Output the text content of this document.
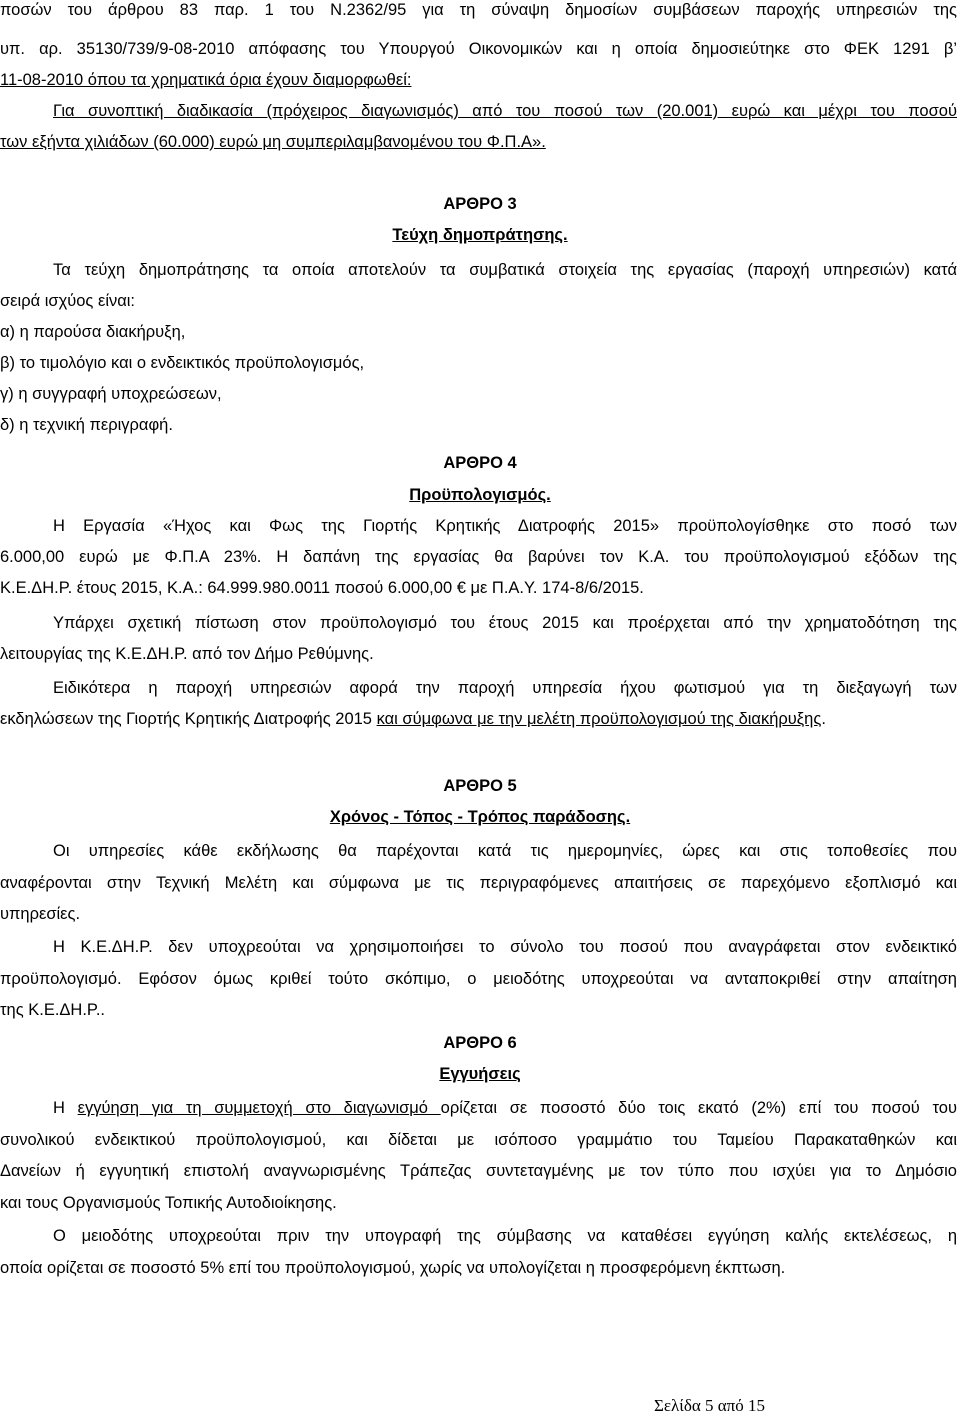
ποσών του άρθρου 83 παρ. 1 του Ν.2362/95 για τη σύναψη δημοσίων συμβάσεων παροχής υπηρεσιών της
υπ. αρ. 35130/739/9-08-2010 απόφασης του Υπουργού Οικονομικών και η οποία δημοσιεύτηκε στο ΦΕΚ 1291 β’
11-08-2010 όπου τα χρηματικά όρια έχουν διαμορφωθεί:
Για συνοπτική διαδικασία (πρόχειρος διαγωνισμός) από του ποσού των (20.001) ευρώ και μέχρι του ποσού
των εξήντα χιλιάδων (60.000) ευρώ μη συμπεριλαμβανομένου του Φ.Π.Α».
ΑΡΘΡΟ 3
Τεύχη δημοπράτησης.
Τα τεύχη δημοπράτησης τα οποία αποτελούν τα συμβατικά στοιχεία της εργασίας (παροχή υπηρεσιών) κατά
σειρά ισχύος είναι:
α) η παρούσα διακήρυξη,
β) το τιμολόγιο και ο ενδεικτικός προϋπολογισμός,
γ) η συγγραφή υποχρεώσεων,
δ) η τεχνική περιγραφή.
ΑΡΘΡΟ 4
Προϋπολογισμός.
Η Εργασία «Ήχος και Φως της Γιορτής Κρητικής Διατροφής 2015» προϋπολογίσθηκε στο ποσό των
6.000,00 ευρώ με Φ.Π.Α 23%. Η δαπάνη της εργασίας θα βαρύνει τον Κ.Α. του προϋπολογισμού εξόδων της
Κ.Ε.ΔΗ.Ρ. έτους 2015, Κ.Α.: 64.999.980.0011 ποσού 6.000,00 € με Π.Α.Υ. 174-8/6/2015.
Υπάρχει σχετική πίστωση στον προϋπολογισμό του έτους 2015 και προέρχεται από την χρηματοδότηση της
λειτουργίας της Κ.Ε.ΔΗ.Ρ. από τον Δήμο Ρεθύμνης.
Ειδικότερα η παροχή υπηρεσιών αφορά την παροχή υπηρεσία ήχου φωτισμού για τη διεξαγωγή των
εκδηλώσεων της Γιορτής Κρητικής Διατροφής 2015 και σύμφωνα με την μελέτη προϋπολογισμού της διακήρυξης.
ΑΡΘΡΟ 5
Χρόνος - Τόπος - Τρόπος παράδοσης.
Οι υπηρεσίες κάθε εκδήλωσης θα παρέχονται κατά τις ημερομηνίες, ώρες και στις τοποθεσίες που
αναφέρονται στην Τεχνική Μελέτη και σύμφωνα με τις περιγραφόμενες απαιτήσεις σε παρεχόμενο εξοπλισμό και
υπηρεσίες.
Η Κ.Ε.ΔΗ.Ρ. δεν υποχρεούται να χρησιμοποιήσει το σύνολο του ποσού που αναγράφεται στον ενδεικτικό
προϋπολογισμό. Εφόσον όμως κριθεί τούτο σκόπιμο, ο μειοδότης υποχρεούται να ανταποκριθεί στην απαίτηση
της Κ.Ε.ΔΗ.Ρ..
ΑΡΘΡΟ 6
Εγγυήσεις
Η εγγύηση για τη συμμετοχή στο διαγωνισμό ορίζεται σε ποσοστό δύο τοις εκατό (2%) επί του ποσού του
συνολικού ενδεικτικού προϋπολογισμού, και δίδεται με ισόποσο γραμμάτιο του Ταμείου Παρακαταθηκών και
Δανείων ή εγγυητική επιστολή αναγνωρισμένης Τράπεζας συντεταγμένης με τον τύπο που ισχύει για το Δημόσιο
και τους Οργανισμούς Τοπικής Αυτοδιοίκησης.
Ο μειοδότης υποχρεούται πριν την υπογραφή της σύμβασης να καταθέσει εγγύηση καλής εκτελέσεως, η
οποία ορίζεται σε ποσοστό 5% επί του προϋπολογισμού, χωρίς να υπολογίζεται η προσφερόμενη έκπτωση.
Σελίδα 5 από 15
